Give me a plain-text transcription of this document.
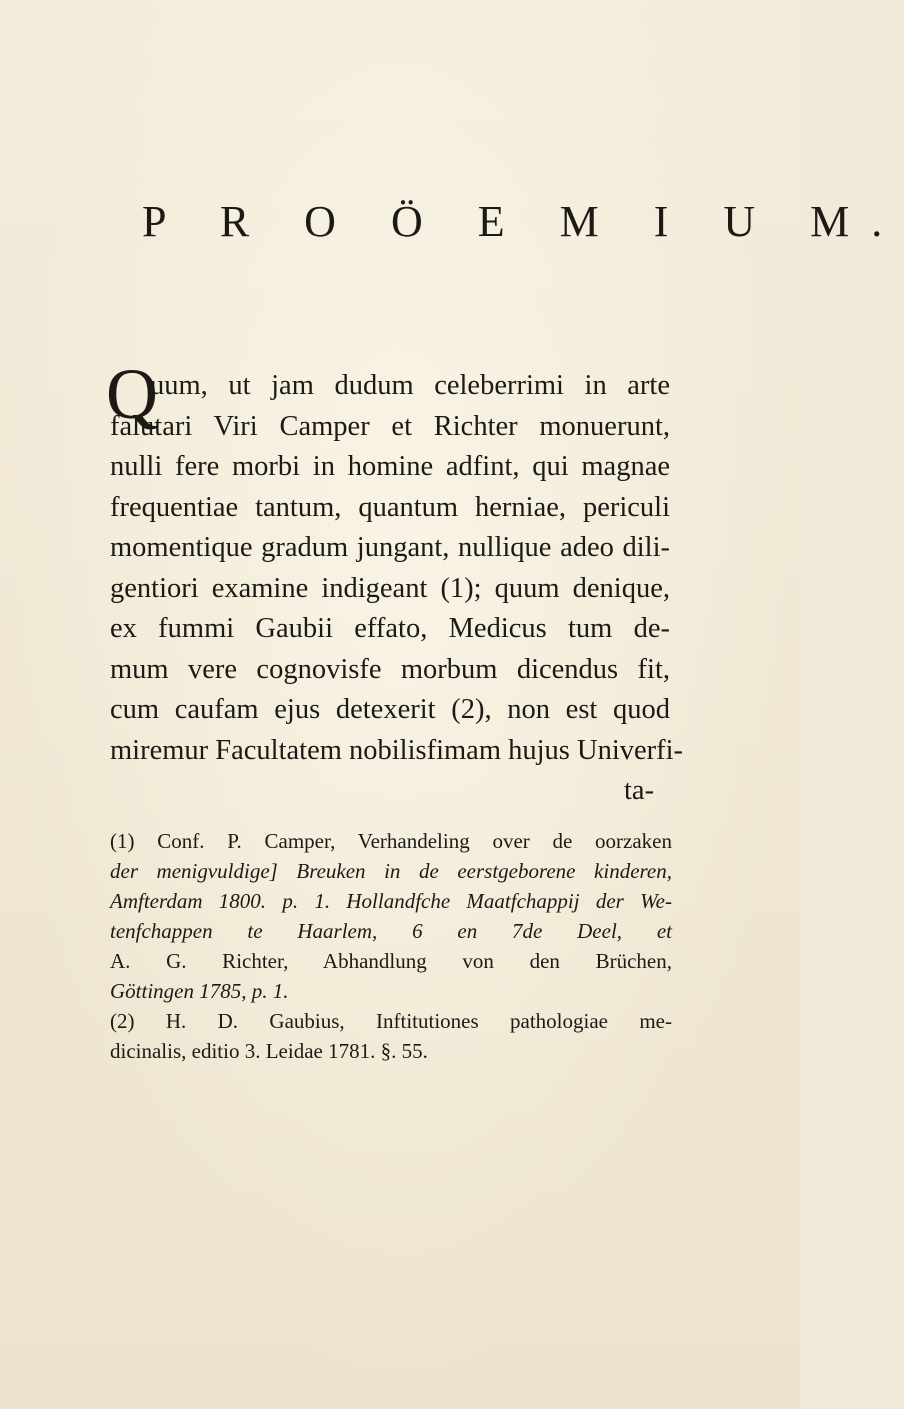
P R O Ö E M I U M.
Q
uum, ut jam dudum celeberrimi in arte
falutari Viri Camper et Richter monuerunt,
nulli fere morbi in homine adfint, qui magnae
frequentiae tantum, quantum herniae, periculi
momentique gradum jungant, nullique adeo dili-
gentiori examine indigeant (1); quum denique,
ex fummi Gaubii effato, Medicus tum de-
mum vere cognovisfe morbum dicendus fit,
cum caufam ejus detexerit (2), non est quod
miremur Facultatem nobilisfimam hujus Univerfi-
ta-
(1) Conf. P. Camper, Verhandeling over de oorzaken
der menigvuldige] Breuken in de eerstgeborene kinderen,
Amfterdam 1800. p. 1. Hollandfche Maatfchappij der We-
tenfchappen te Haarlem, 6 en 7de Deel, et
A. G. Richter, Abhandlung von den Brüchen,
Göttingen 1785, p. 1.
(2) H. D. Gaubius, Inftitutiones pathologiae me-
dicinalis, editio 3. Leidae 1781. §. 55.
